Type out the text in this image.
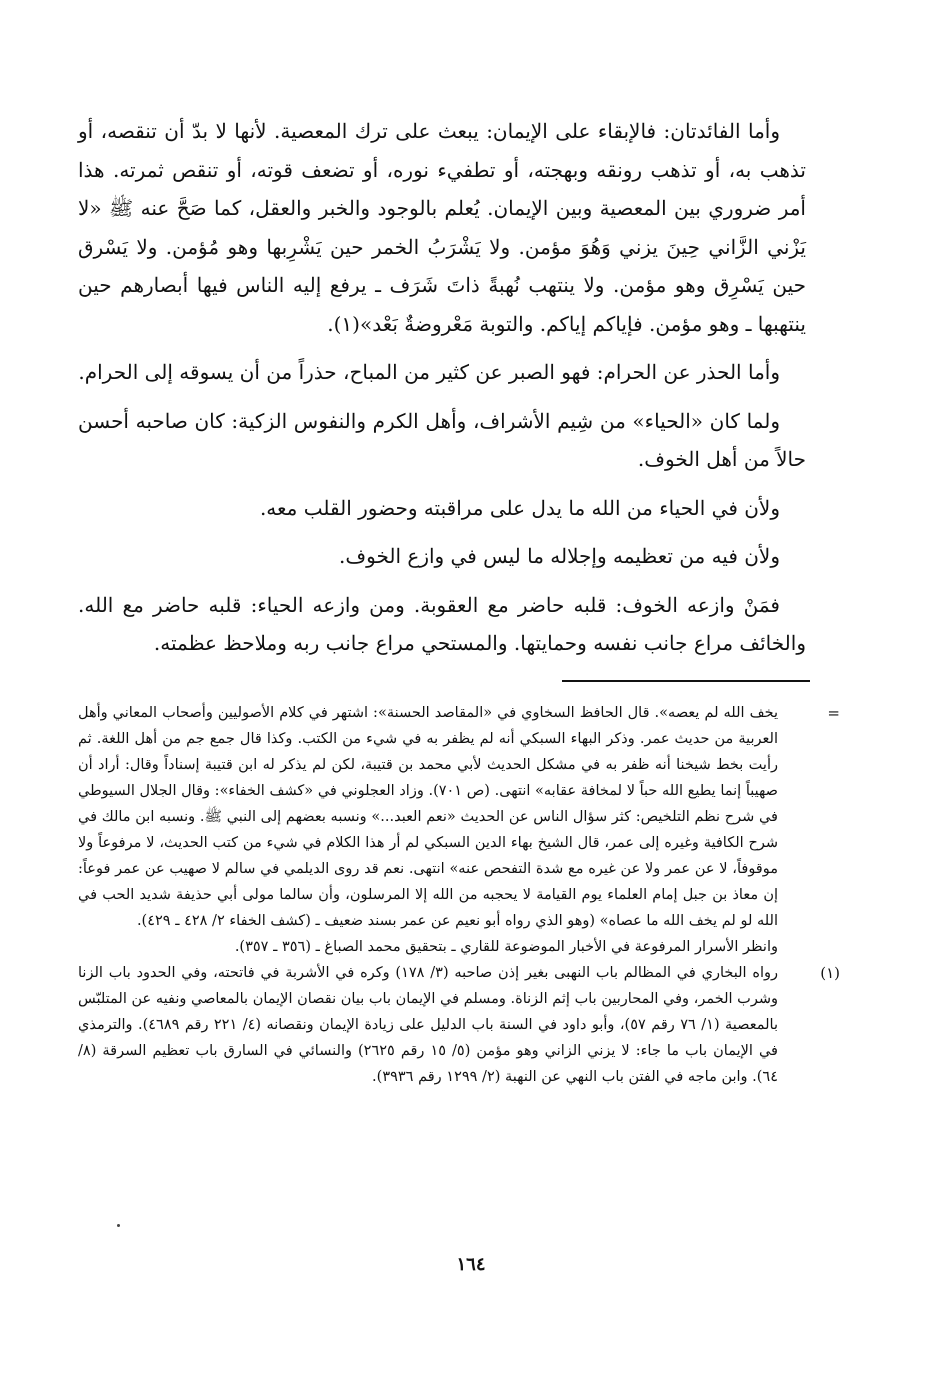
وأما الفائدتان: فالإبقاء على الإيمان: يبعث على ترك المعصية. لأنها لا بدّ أن تنقصه، أو تذهب به، أو تذهب رونقه وبهجته، أو تطفيء نوره، أو تضعف قوته، أو تنقص ثمرته. هذا أمر ضروري بين المعصية وبين الإيمان. يُعلم بالوجود والخبر والعقل، كما صَحَّ عنه ﷺ «لا يَزْني الزَّاني حِينَ يزني وَهُوَ مؤمن. ولا يَشْرَبُ الخمر حين يَشْرِبها وهو مُؤمن. ولا يَسْرق حين يَسْرِق وهو مؤمن. ولا ينتهب نُهبةً ذاتَ شَرَف ـ يرفع إليه الناس فيها أبصارهم حين ينتهبها ـ وهو مؤمن. فإياكم إياكم. والتوبة مَعْروضةٌ بَعْد»(١).

وأما الحذر عن الحرام: فهو الصبر عن كثير من المباح، حذراً من أن يسوقه إلى الحرام.

ولما كان «الحياء» من شِيم الأشراف، وأهل الكرم والنفوس الزكية: كان صاحبه أحسن حالاً من أهل الخوف.

ولأن في الحياء من الله ما يدل على مراقبته وحضور القلب معه.

ولأن فيه من تعظيمه وإجلاله ما ليس في وازع الخوف.

فمَنْ وازعه الخوف: قلبه حاضر مع العقوبة. ومن وازعه الحياء: قلبه حاضر مع الله. والخائف مراع جانب نفسه وحمايتها. والمستحي مراع جانب ربه وملاحظ عظمته.

=

يخف الله لم يعصه». قال الحافظ السخاوي في «المقاصد الحسنة»: اشتهر في كلام الأصوليين وأصحاب المعاني وأهل العربية من حديث عمر. وذكر البهاء السبكي أنه لم يظفر به في شيء من الكتب. وكذا قال جمع جم من أهل اللغة. ثم رأيت بخط شيخنا أنه ظفر به في مشكل الحديث لأبي محمد بن قتيبة، لكن لم يذكر له ابن قتيبة إسناداً وقال: أراد أن صهيباً إنما يطيع الله حباً لا لمخافة عقابه» انتهى. (ص ٧٠١). وزاد العجلوني في «كشف الخفاء»: وقال الجلال السيوطي في شرح نظم التلخيص: كثر سؤال الناس عن الحديث «نعم العبد...» ونسبه بعضهم إلى النبي ﷺ. ونسبه ابن مالك في شرح الكافية وغيره إلى عمر، قال الشيخ بهاء الدين السبكي لم أر هذا الكلام في شيء من كتب الحديث، لا مرفوعاً ولا موقوفاً، لا عن عمر ولا عن غيره مع شدة التفحص عنه» انتهى. نعم قد روى الديلمي في سالم لا صهيب عن عمر فوعاً: إن معاذ بن جبل إمام العلماء يوم القيامة لا يحجبه من الله إلا المرسلون، وأن سالما مولى أبي حذيفة شديد الحب في الله لو لم يخف الله ما عصاه» (وهو الذي رواه أبو نعيم عن عمر بسند ضعيف ـ (كشف الخفاء ٢/ ٤٢٨ ـ ٤٢٩).

وانظر الأسرار المرفوعة في الأخبار الموضوعة للقاري ـ بتحقيق محمد الصباغ ـ (٣٥٦ ـ ٣٥٧).

(١)

رواه البخاري في المظالم باب النهبى بغير إذن صاحبه (٣/ ١٧٨) وكره في الأشربة في فاتحته، وفي الحدود باب الزنا وشرب الخمر، وفي المحاربين باب إثم الزناة. ومسلم في الإيمان باب بيان نقصان الإيمان بالمعاصي ونفيه عن المتلبّس بالمعصية (١/ ٧٦ رقم ٥٧)، وأبو داود في السنة باب الدليل على زيادة الإيمان ونقصانه (٤/ ٢٢١ رقم ٤٦٨٩). والترمذي في الإيمان باب ما جاء: لا يزني الزاني وهو مؤمن (٥/ ١٥ رقم ٢٦٢٥) والنسائي في السارق باب تعظيم السرقة (٨/ ٦٤). وابن ماجه في الفتن باب النهي عن النهبة (٢/ ١٢٩٩ رقم ٣٩٣٦).

١٦٤
